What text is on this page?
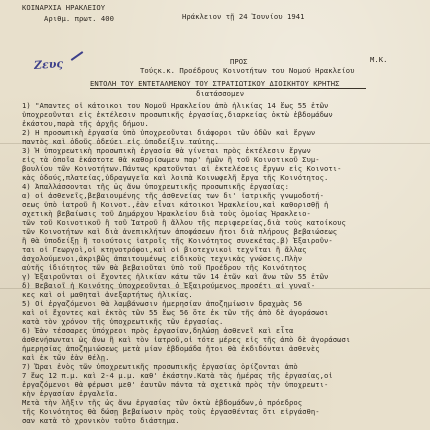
ΚΟΙΝΑΡΧΙΑ ΗΡΑΚΛΕΙΟΥ
Αριθμ. πρωτ. 400	Ηράκλειον τῇ 24 Ἰουνίου 1941
Ζευς	Μ.Κ.
ΠΡΟΣ
Τούςκ.κ. Προέδρους Κοινοτήτων του Νομού Ηρακλείου
ΕΝΤΟΛΗ ΤΟΥ ΕΝΤΕΤΑΛΜΕΝΟΥ ΤΟΥ ΣΤΡΑΤΙΩΤΙΚΟΥ ΔΙΟΙΚΗΤΟΥ ΚΡΗΤΗΣ
διατάσσομεν
1) "Απαντες οἱ κάτοικοι του Νομοῦ Ηρακλείου ἀπὸ ἡλικίας 14 ἕως 55 ἐτῶν
ὑποχρεοῦνται εἰς ἐκτέλεσιν προσωπικῆς ἐργασίας,διαρκείας ὀκτὼ ἑβδομάδων
ἐκάστου,παρὰ τῆς ἀρχῆς δήμου.
2) Η προσωπικὴ ἐργασία ὑπὸ ὑποχρεοῦνται διάφοροι τῶν ὁδῶν καὶ ἔργων
παντὸς καὶ ὁδοῦς ὁδεύει εἰς ὑποδείξιν ταύτης.
3) Ἡ ὑποχρεωτικὴ προσωπικὴ ἐργασία θὰ γίνεται πρὸς ἐκτέλεσιν ἔργων
εἰς τὰ ὁποῖα ἑκάστοτε θὰ καθορίσωμεν παρ' ἡμῶν ἢ τοῦ Κοινοτικοῦ Συμ-
βουλίου τῶν Κοινοτήτων.Πάντως κρατοῦνται αἱ ἐκτελέσεις ἔργων εἰς Κοινοτι-
κὰς ὁδούς,πλατείας,ὑδραγωγεῖα καὶ λοιπὰ Κοινωφελῆ ἔργα τῆς Κοινότητος.
4) Ἀπαλλάσσονται τῆς ὡς ἄνω ὑποχρεωτικῆς προσωπικῆς ἐργασίας:
α) οἱ ἀσθενεῖς,βεβαιουμένης τῆς ἀσθενείας των δι' ἰατρικῆς γνωμοδοτή-
σεως ὑπὸ ἰατροῦ ἢ Κοινοτ.,ἐὰν εἶναι κάτοικοι Ἡρακλείου,καὶ καθορισθῇ ἡ
σχετικὴ βεβαίωσις τοῦ Δημάρχου Ἡρακλείου διὰ τοὺς ὁμοίας Ἡρακλειο-
τῶν τοῦ Κοινοτικοῦ ἢ τοῦ Ἰατροῦ ἢ ἄλλου τῆς περιφερείας,διὰ τοὺς κατοίκους
τῶν Κοινοτήτων καὶ διὰ ἀνεπικλήτων ἀποφάσεων ἤτοι διὰ πλήρους βεβαιώσεως
ἢ θὰ ὑποδείξῃ ἢ τοιούτοις ἰατροῖς τῆς Κοινότητος συνεκέτας.β) Ἐξαιροῦν-
ται οἱ Γεωργοὶ,οἱ κτηνοτρόφοι,καὶ οἱ βιοτεχνικοὶ τεχνῖται ἢ ἄλλας
ἀσχολούμενοι,ἀκριβῶς ἀπαιτουμένως εἰδικοὺς τεχνικὰς γνώσεις.Πλὴν
αὐτῆς ἰδιότητος τῶν θὰ βεβαιοῦται ὑπὸ τοῦ Προέδρου τῆς Κοινότητος
γ) Ἐξαιροῦνται οἱ ἔχοντες ἡλικίαν κάτω τῶν 14 ἐτῶν καὶ ἄνω τῶν 55 ἐτῶν
δ) Βεβαιοῖ ἡ Κοινότης ὑποχρεοῦνται ὁ Ἐξαιρούμενος προσέτι αἱ γυναῖ-
κες καὶ οἱ μαθηταὶ ἀνεξαρτήτως ἡλικίας.
5) Οἱ ἐργαζόμενοι θὰ λαμβάνωσιν ἡμερησίαν ἀποζημίωσιν δραχμὰς 56
καὶ οἱ ἔχοντες καὶ ἐκτὸς τῶν 55 ἕως 56 ὅτε ἐκ τῶν τῆς ἀπὸ δὲ ἀγοράσωσι
κατὰ τὸν χρόνον τῆς ὑποχρεωτικῆς τῶν ἐργασίας.
6) Ἐὰν τέσσαρες ὑπόχρεοι πρὸς ἐργασίαν,δηλώσῃ ἀσθενεῖ καὶ εἶτα
ἀσθενήσωνται ὡς ἄνω ἢ καὶ τὸν ἰατροῦ,οἱ τότε μέρες εἰς τῆς ἀπὸ δὲ ἀγοράσωσι
ἡμερησίας ἀποζημιώσεως μετὰ μίαν ἑβδομάδα ἤτοι θὰ ἐκδιδόνται ἀσθενὲς
καὶ ἐκ τῶν ἐὰν θέλῃ.
7) Ὥραι ἐνὸς τῶν ὑποχρεωτικῆς προσωπικῆς ἐργασίας ὁρίζονται ἀπὸ
7 ἕως 12 π.μ. καὶ 2-4 μ.μ. καθ' ἑκάστην.Κατὰ τὰς ἡμέρας τῆς ἐργασίας,οἱ
ἐργαζόμενοι θὰ φέρωσι μεθ' ἑαυτῶν πάντα τὰ σχετικὰ πρὸς τὴν ὑποχρεωτι-
κὴν ἐργασίαν ἐργαλεῖα.
Μετὰ τὴν λῆξιν τῆς ὡς ἄνω ἐργασίας τῶν ὀκτὼ ἑβδομάδων,ὁ πρόεδρος
τῆς Κοινότητος θὰ δώσῃ βεβαίωσιν πρὸς τοὺς ἐργασθέντας ὅτι εἰργάσθη-
σαν κατὰ τὸ χρονικὸν τοῦτο διάστημα.
